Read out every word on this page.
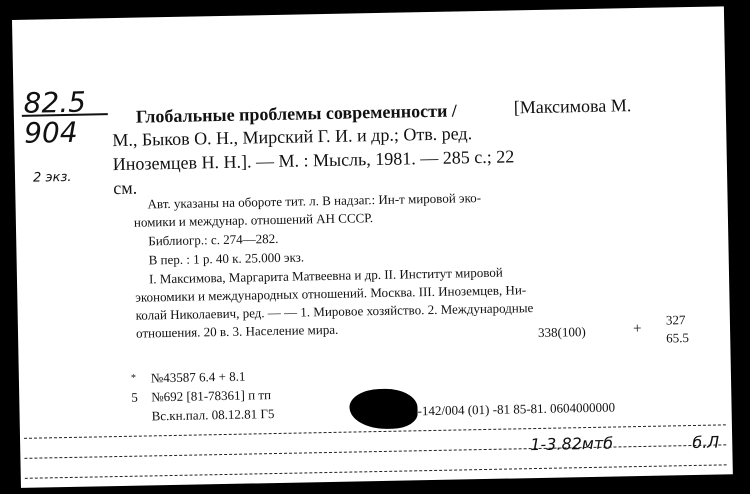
82.5
904
2 экз.
Глобальные проблемы современности /	[Максимова М.
М., Быков О. Н., Мирский Г. И. и др.; Отв. ред.
Иноземцев Н. Н.]. — М. : Мысль, 1981. — 285 с.; 22
см.
Авт. указаны на обороте тит. л. В надзаг.: Ин-т мировой эко-
номики и междунар. отношений АН СССР.
Библиогр.: с. 274—282.
В пер. : 1 р. 40 к. 25.000 экз.
I. Максимова, Маргарита Матвеевна и др. II. Институт мировой
экономики и международных отношений. Москва. III. Иноземцев, Ни-
колай Николаевич, ред. — — 1. Мировое хозяйство. 2. Международные
отношения. 20 в. 3. Население мира.	338(100)	+
327
65.5
* №43587 6.4 + 8.1
5 №692 [81-78361] п тп
Вс.кн.пал. 08.12.81 Г5	-142/004 (01) -81 85-81. 0604000000
1-3.82мтб	б.Л
